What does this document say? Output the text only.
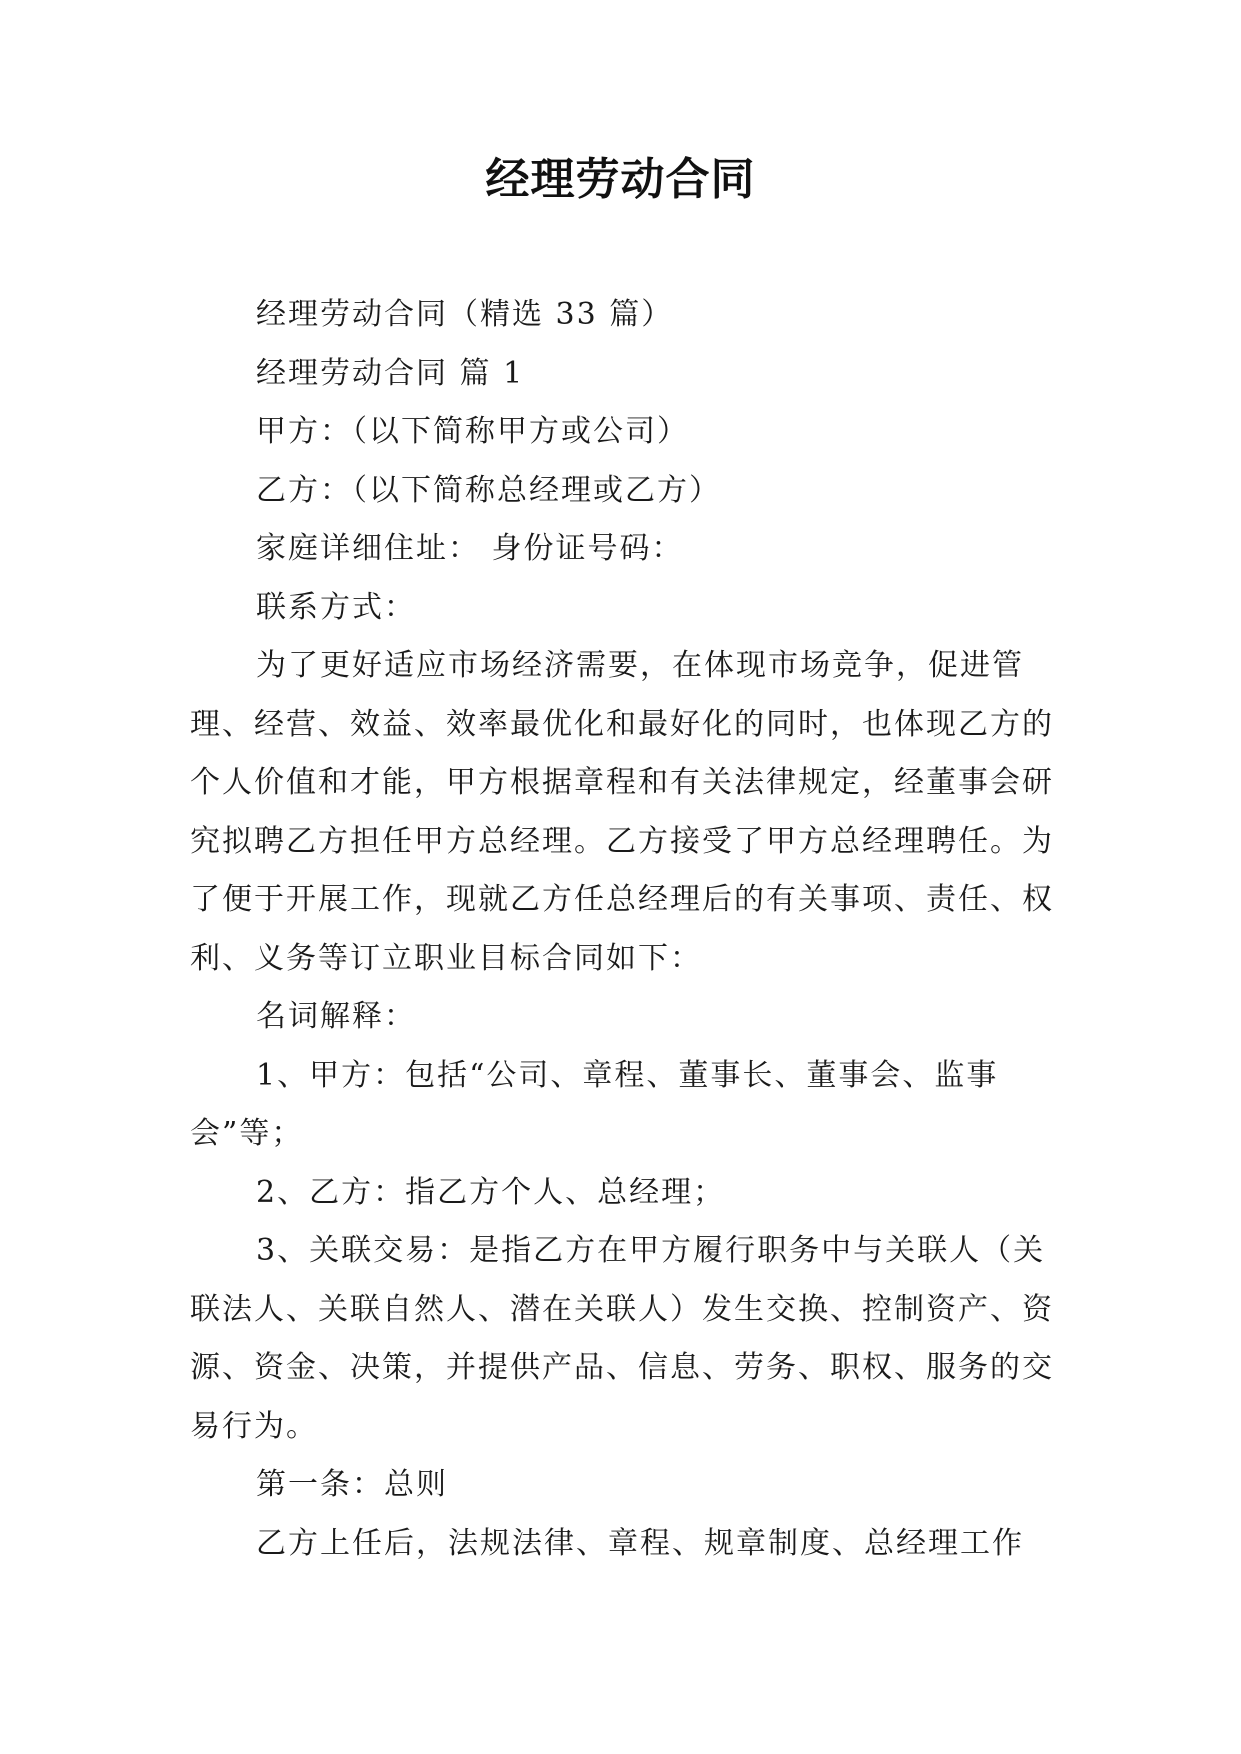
经理劳动合同

经理劳动合同（精选 33 篇）

经理劳动合同 篇 1

甲方：（以下简称甲方或公司）

乙方：（以下简称总经理或乙方）

家庭详细住址： 身份证号码：

联系方式：

为了更好适应市场经济需要，在体现市场竞争，促进管理、经营、效益、效率最优化和最好化的同时，也体现乙方的个人价值和才能，甲方根据章程和有关法律规定，经董事会研究拟聘乙方担任甲方总经理。乙方接受了甲方总经理聘任。为了便于开展工作，现就乙方任总经理后的有关事项、责任、权利、义务等订立职业目标合同如下：

名词解释：

1、甲方：包括“公司、章程、董事长、董事会、监事会”等；

2、乙方：指乙方个人、总经理；

3、关联交易：是指乙方在甲方履行职务中与关联人（关联法人、关联自然人、潜在关联人）发生交换、控制资产、资源、资金、决策，并提供产品、信息、劳务、职权、服务的交易行为。

第一条：总则

乙方上任后，法规法律、章程、规章制度、总经理工作
